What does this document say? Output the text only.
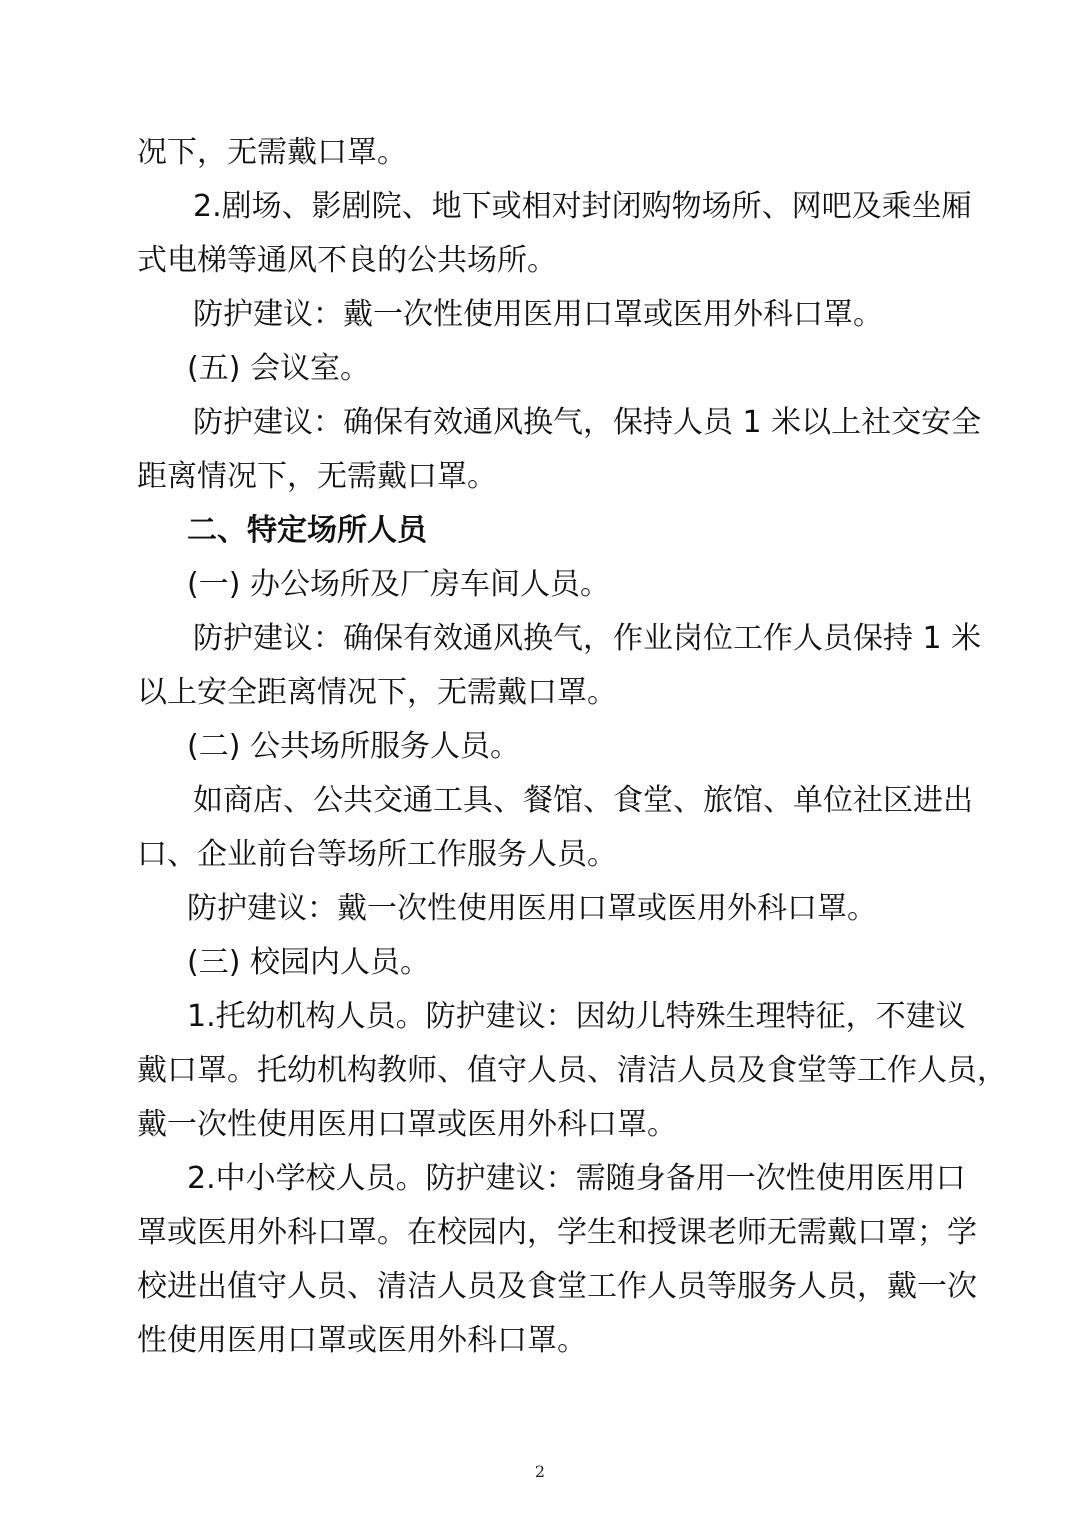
况下，无需戴口罩。
2.剧场、影剧院、地下或相对封闭购物场所、网吧及乘坐厢
式电梯等通风不良的公共场所。
防护建议：戴一次性使用医用口罩或医用外科口罩。
(五) 会议室。
防护建议：确保有效通风换气，保持人员 1 米以上社交安全
距离情况下，无需戴口罩。
二、特定场所人员
(一) 办公场所及厂房车间人员。
防护建议：确保有效通风换气，作业岗位工作人员保持 1 米
以上安全距离情况下，无需戴口罩。
(二) 公共场所服务人员。
如商店、公共交通工具、餐馆、食堂、旅馆、单位社区进出
口、企业前台等场所工作服务人员。
防护建议：戴一次性使用医用口罩或医用外科口罩。
(三) 校园内人员。
1.托幼机构人员。防护建议：因幼儿特殊生理特征，不建议
戴口罩。托幼机构教师、值守人员、清洁人员及食堂等工作人员，
戴一次性使用医用口罩或医用外科口罩。
2.中小学校人员。防护建议：需随身备用一次性使用医用口
罩或医用外科口罩。在校园内，学生和授课老师无需戴口罩；学
校进出值守人员、清洁人员及食堂工作人员等服务人员，戴一次
性使用医用口罩或医用外科口罩。
2
